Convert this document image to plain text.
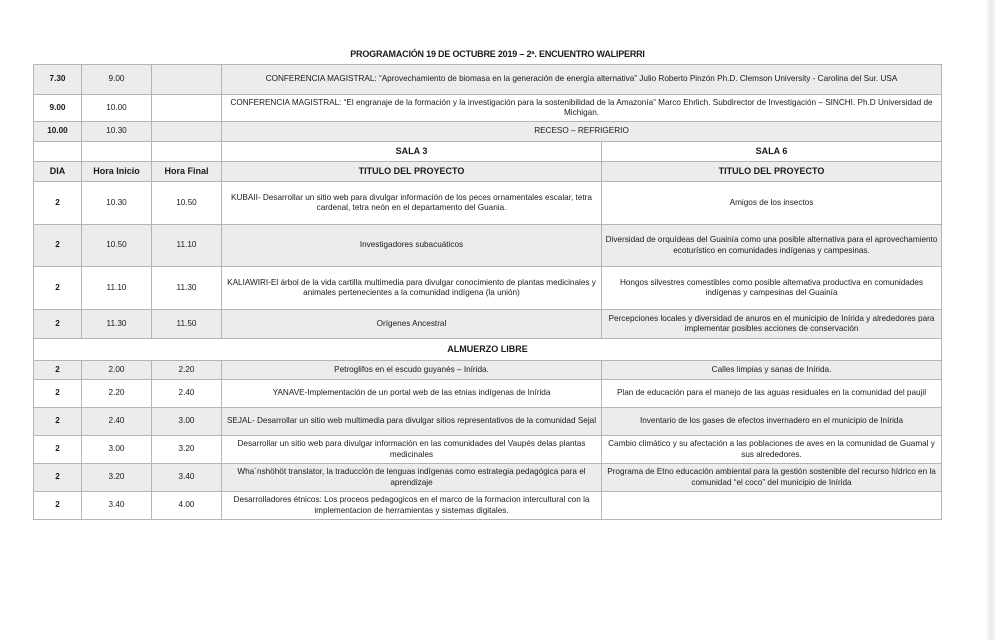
PROGRAMACIÓN 19 DE OCTUBRE 2019 – 2ª. ENCUENTRO WALIPERRI
7.30	9.00		CONFERENCIA MAGISTRAL: “Aprovechamiento de biomasa en la generación de energía alternativa” Julio Roberto Pinzón Ph.D. Clemson University - Carolina del Sur. USA	
9.00	10.00		CONFERENCIA MAGISTRAL: “El engranaje de la formación y la investigación para la sostenibilidad de la Amazonía” Marco Ehrlich. Subdirector de Investigación – SINCHI. Ph.D Universidad de Michigan.	
10.00	10.30		RECESO – REFRIGERIO	
			SALA 3	SALA 6
DIA	Hora Inicio	Hora Final	TITULO DEL PROYECTO	TITULO DEL PROYECTO
2	10.30	10.50	KUBAII- Desarrollar un sitio web para divulgar información de los peces ornamentales escalar, tetra cardenal, tetra neón en el departamento del Guania.	Amigos de los insectos
2	10.50	11.10	Investigadores subacuáticos	Diversidad de orquídeas del Guainía como una posible alternativa para el aprovechamiento ecoturístico en comunidades indígenas y campesinas.
2	11.10	11.30	KALIAWIRI-El árbol de la vida cartilla multimedia para divulgar conocimiento de plantas medicinales y animales pertenecientes a la comunidad indígena (la unión)	Hongos silvestres comestibles como posible alternativa productiva en comunidades indígenas y campesinas del Guainía
2	11.30	11.50	Orígenes Ancestral	Percepciones locales y diversidad de anuros en el municipio de Inírida y alrededores para implementar posibles acciones de conservación
ALMUERZO LIBRE				
2	2.00	2.20	Petroglifos en el escudo guyanés – Inírida.	Calles limpias y sanas de Inírida.
2	2.20	2.40	YANAVE-Implementación de un portal web de las etnias indígenas de Inírida	Plan de educación para el manejo de las aguas residuales en la comunidad del paujil
2	2.40	3.00	SEJAL- Desarrollar un sitio web multimedia para divulgar sitios representativos de la comunidad Sejal	Inventario de los gases de efectos invernadero en el municipio de Inírida
2	3.00	3.20	Desarrollar un sitio web para divulgar información en las comunidades del Vaupés delas plantas medicinales	Cambio climático y su afectación a las poblaciones de aves en la comunidad de Guamal y sus alrededores.
2	3.20	3.40	Wha´nshöhöt translator, la traducción de lenguas indígenas como estrategia pedagógica para el aprendizaje	Programa de Etno educación ambiental para la gestión sostenible del recurso hídrico en la comunidad “el coco” del municipio de Inírida
2	3.40	4.00	Desarrolladores étnicos: Los proceos pedagogicos en el marco de la formacion intercultural con la implementacion de herramientas y sistemas digitales.	
